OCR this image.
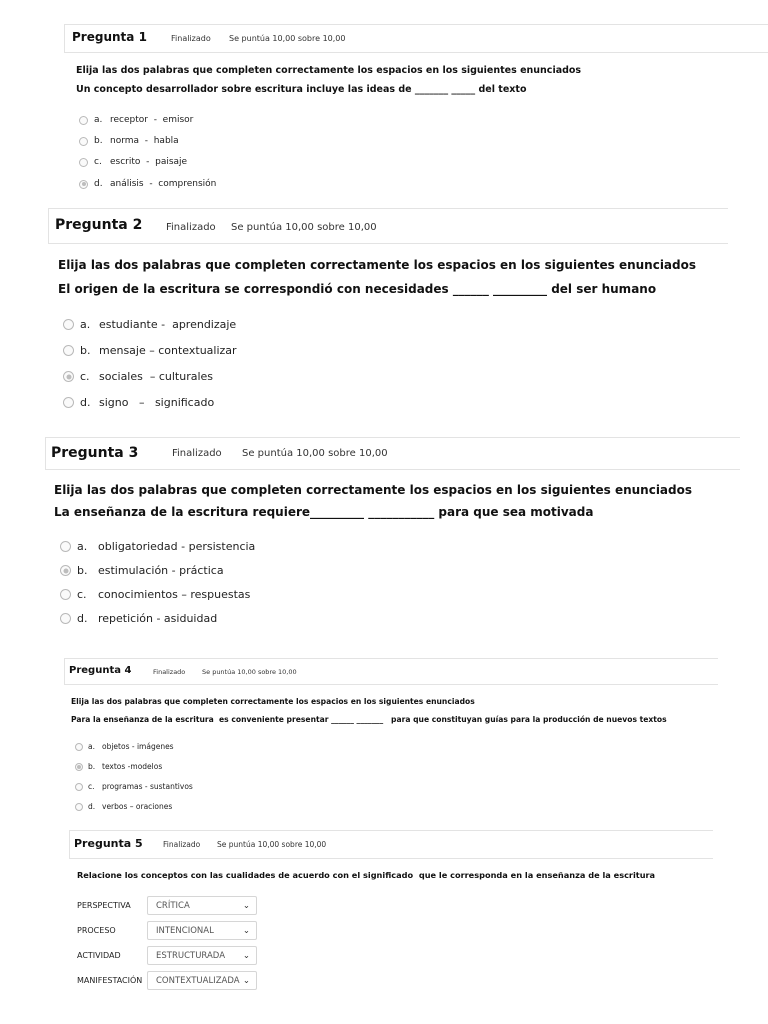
Pregunta 1	Finalizado Se puntúa 10,00 sobre 10,00
Elija las dos palabras que completen correctamente los espacios en los siguientes enunciados
Un concepto desarrollador sobre escritura incluye las ideas de _______ _____ del texto
a. receptor  -  emisor
b. norma  -  habla
c. escrito  -  paisaje
d. análisis  -  comprensión
Pregunta 2 Finalizado Se puntúa 10,00 sobre 10,00
Elija las dos palabras que completen correctamente los espacios en los siguientes enunciados
El origen de la escritura se correspondió con necesidades ______ _________ del ser humano
a. estudiante -  aprendizaje
b. mensaje – contextualizar
c. sociales  – culturales
d. signo   –   significado
Pregunta 3	Finalizado Se puntúa 10,00 sobre 10,00
Elija las dos palabras que completen correctamente los espacios en los siguientes enunciados
La enseñanza de la escritura requiere_________ ___________ para que sea motivada
a. obligatoriedad - persistencia
b. estimulación - práctica
c.	conocimientos – respuestas
d. repetición - asiduidad
Pregunta 4	Finalizado	Se puntúa 10,00 sobre 10,00
Elija las dos palabras que completen correctamente los espacios en los siguientes enunciados
Para la enseñanza de la escritura  es conveniente presentar ______ _______   para que constituyan guías para la producción de nuevos textos
a. objetos - imágenes
b. textos -modelos
c. programas - sustantivos
d. verbos – oraciones
Pregunta 5	Finalizado Se puntúa 10,00 sobre 10,00
Relacione los conceptos con las cualidades de acuerdo con el significado  que le corresponda en la enseñanza de la escritura
PERSPECTIVA	CRÍTICA	⌄
PROCESO	INTENCIONAL	⌄
ACTIVIDAD	ESTRUCTURADA ⌄
MANIFESTACIÓN CONTEXTUALIZADA ⌄
